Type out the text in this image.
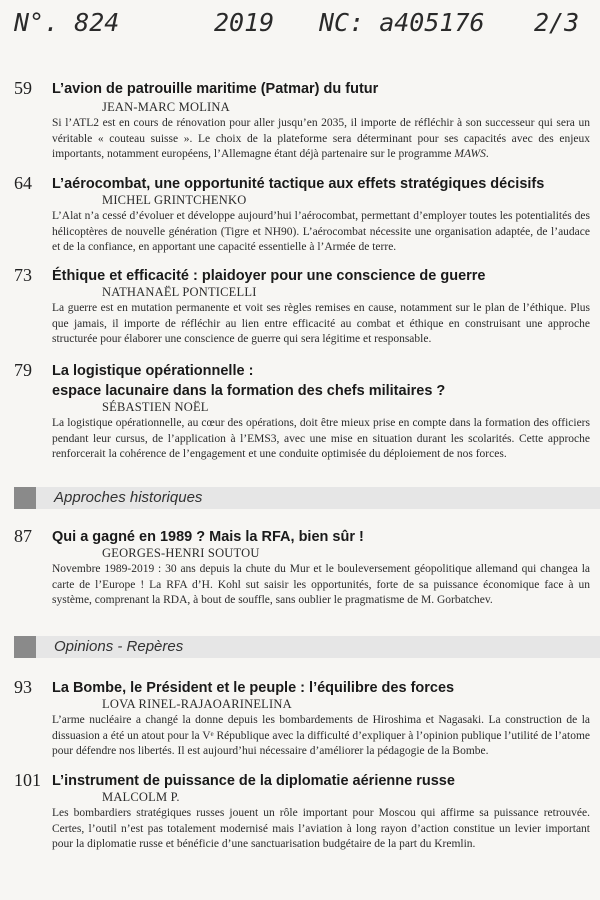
N°. 824	2019 NC: a405176 2/3
59	L’avion de patrouille maritime (Patmar) du futur
JEAN-MARC MOLINA
Si l’ATL2 est en cours de rénovation pour aller jusqu’en 2035, il importe de réfléchir à son successeur qui sera un véritable « couteau suisse ». Le choix de la plateforme sera déterminant pour ses capacités avec des enjeux importants, notamment européens, l’Allemagne étant déjà partenaire sur le programme MAWS.
64	L’aérocombat, une opportunité tactique aux effets stratégiques décisifs
MICHEL GRINTCHENKO
L’Alat n’a cessé d’évoluer et développe aujourd’hui l’aérocombat, permettant d’employer toutes les potentialités des hélicoptères de nouvelle génération (Tigre et NH90). L’aérocombat nécessite une organisation adaptée, de l’audace et de la confiance, en apportant une capacité essentielle à l’Armée de terre.
73	Éthique et efficacité : plaidoyer pour une conscience de guerre
NATHANAËL PONTICELLI
La guerre est en mutation permanente et voit ses règles remises en cause, notamment sur le plan de l’éthique. Plus que jamais, il importe de réfléchir au lien entre efficacité au combat et éthique en construisant une approche structurée pour élaborer une conscience de guerre qui sera légitime et responsable.
79	La logistique opérationnelle :
espace lacunaire dans la formation des chefs militaires ?
SÉBASTIEN NOËL
La logistique opérationnelle, au cœur des opérations, doit être mieux prise en compte dans la formation des officiers pendant leur cursus, de l’application à l’EMS3, avec une mise en situation durant les scolarités. Cette approche renforcerait la cohérence de l’engagement et une conduite optimisée du déploiement de nos forces.
Approches historiques
87	Qui a gagné en 1989 ? Mais la RFA, bien sûr !
GEORGES-HENRI SOUTOU
Novembre 1989-2019 : 30 ans depuis la chute du Mur et le bouleversement géopolitique allemand qui changea la carte de l’Europe ! La RFA d’H. Kohl sut saisir les opportunités, forte de sa puissance économique face à un système, comprenant la RDA, à bout de souffle, sans oublier le pragmatisme de M. Gorbatchev.
Opinions - Repères
93	La Bombe, le Président et le peuple : l’équilibre des forces
LOVA RINEL-RAJAOARINELINA
L’arme nucléaire a changé la donne depuis les bombardements de Hiroshima et Nagasaki. La construction de la dissuasion a été un atout pour la Vᵉ République avec la difficulté d’expliquer à l’opinion publique l’utilité de l’atome pour défendre nos libertés. Il est aujourd’hui nécessaire d’améliorer la pédagogie de la Bombe.
101 L’instrument de puissance de la diplomatie aérienne russe
MALCOLM P.
Les bombardiers stratégiques russes jouent un rôle important pour Moscou qui affirme sa puissance retrouvée. Certes, l’outil n’est pas totalement modernisé mais l’aviation à long rayon d’action constitue un levier important pour la diplomatie russe et bénéficie d’une sanctuarisation budgétaire de la part du Kremlin.
